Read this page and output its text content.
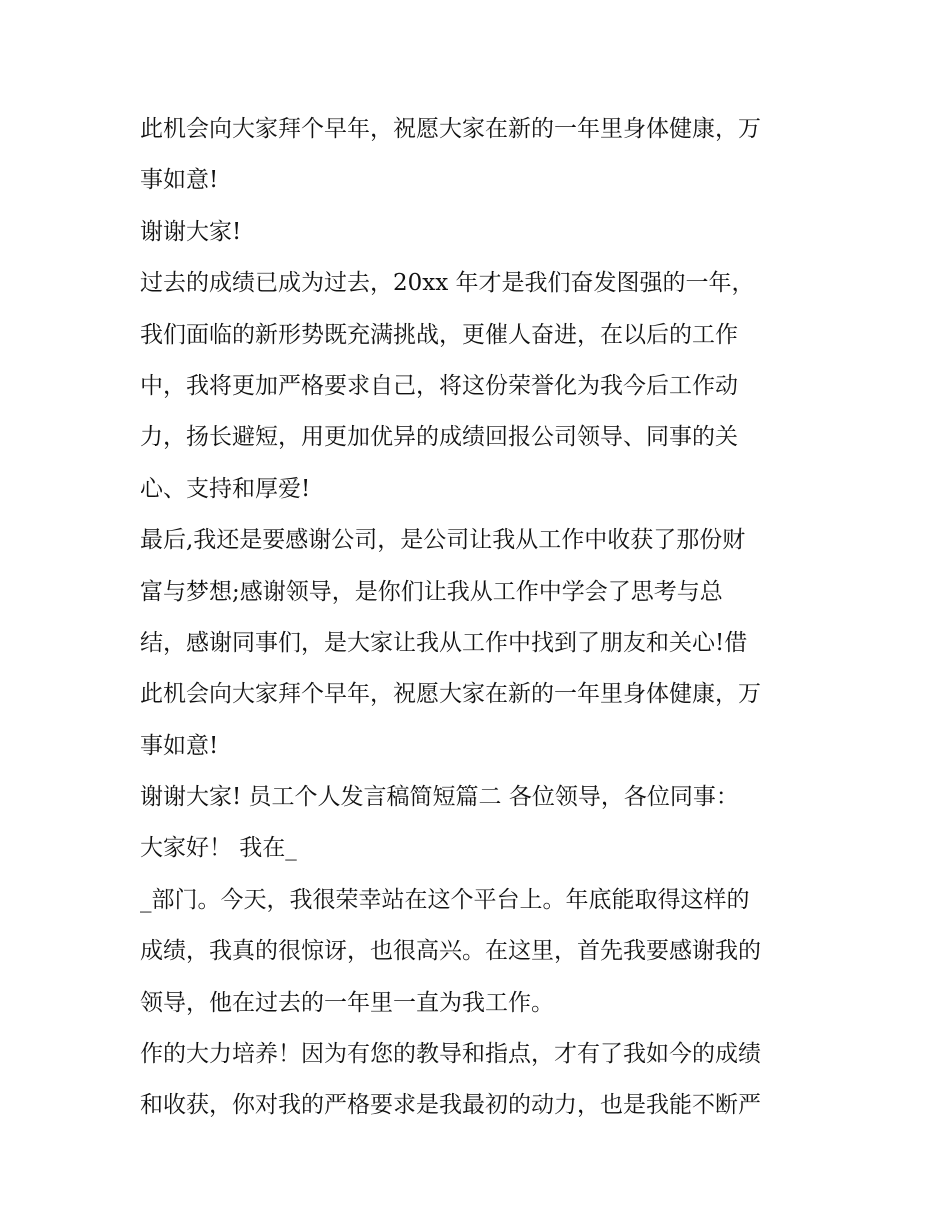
此机会向大家拜个早年，祝愿大家在新的一年里身体健康，万

事如意!

谢谢大家!

过去的成绩已成为过去，20xx 年才是我们奋发图强的一年，

我们面临的新形势既充满挑战，更催人奋进，在以后的工作

中，我将更加严格要求自己，将这份荣誉化为我今后工作动

力，扬长避短，用更加优异的成绩回报公司领导、同事的关

心、支持和厚爱!

最后,我还是要感谢公司，是公司让我从工作中收获了那份财

富与梦想;感谢领导，是你们让我从工作中学会了思考与总

结，感谢同事们，是大家让我从工作中找到了朋友和关心!借

此机会向大家拜个早年，祝愿大家在新的一年里身体健康，万

事如意!

谢谢大家! 员工个人发言稿简短篇二 各位领导，各位同事：

大家好！ 我在_

_部门。今天，我很荣幸站在这个平台上。年底能取得这样的

成绩，我真的很惊讶，也很高兴。在这里，首先我要感谢我的

领导，他在过去的一年里一直为我工作。

作的大力培养！因为有您的教导和指点，才有了我如今的成绩

和收获，你对我的严格要求是我最初的动力，也是我能不断严
